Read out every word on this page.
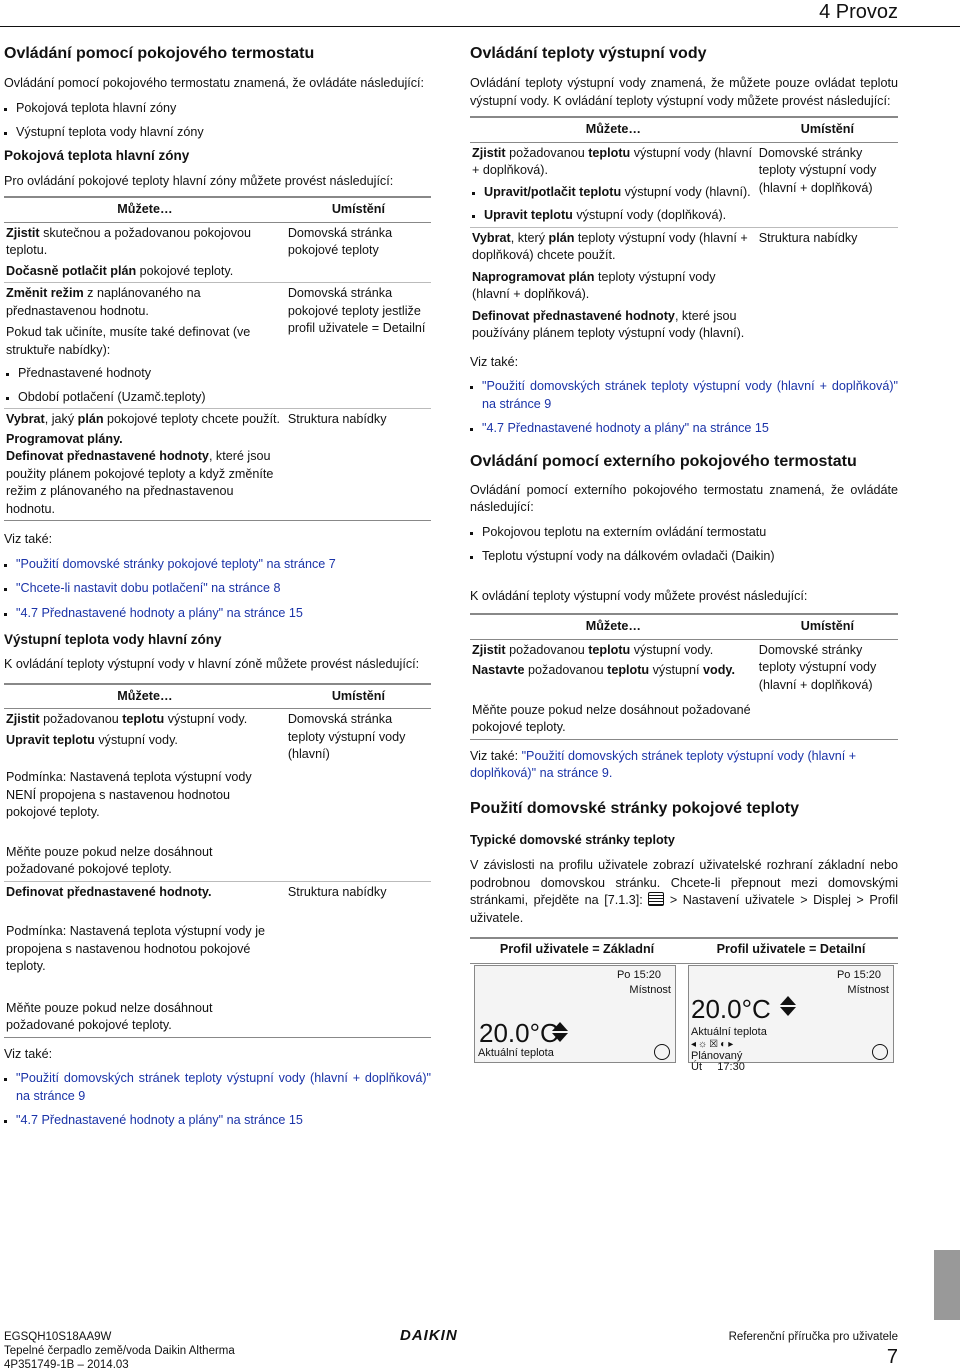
4 Provoz
Ovládání pomocí pokojového termostatu
Ovládání pomocí pokojového termostatu znamená, že ovládáte následující:
Pokojová teplota hlavní zóny
Výstupní teplota vody hlavní zóny
Pokojová teplota hlavní zóny
Pro ovládání pokojové teploty hlavní zóny můžete provést následující:
Můžete…	Umístění

Zjistit skutečnou a požadovanou pokojovou teplotu.
Dočasně potlačit plán pokojové teploty.	Domovská stránka pokojové teploty

Změnit režim z naplánovaného na přednastavenou hodnotu.
Pokud tak učiníte, musíte také definovat (ve struktuře nabídky):
Přednastavené hodnoty
Období potlačení (Uzamč.teploty)	Domovská stránka pokojové teploty jestliže profil uživatele = Detailní

Vybrat, jaký plán pokojové teploty chcete použít.
Programovat plány.
Definovat přednastavené hodnoty, které jsou použity plánem pokojové teploty a když změníte režim z plánovaného na přednastavenou hodnotu.	Struktura nabídky

Viz také:
"Použití domovské stránky pokojové teploty" na stránce 7
"Chcete-li nastavit dobu potlačení" na stránce 8
"4.7 Přednastavené hodnoty a plány" na stránce 15
Výstupní teplota vody hlavní zóny
K ovládání teploty výstupní vody v hlavní zóně můžete provést následující:
Můžete…	Umístění

Zjistit požadovanou teplotu výstupní vody.
Upravit teplotu výstupní vody.
Podmínka: Nastavená teplota výstupní vody NENÍ propojena s nastavenou hodnotou pokojové teploty.
Měňte pouze pokud nelze dosáhnout požadované pokojové teploty.	Domovská stránka teploty výstupní vody (hlavní)

Definovat přednastavené hodnoty.
Podmínka: Nastavená teplota výstupní vody je propojena s nastavenou hodnotou pokojové teploty.
Měňte pouze pokud nelze dosáhnout požadované pokojové teploty.	Struktura nabídky

Viz také:
"Použití domovských stránek teploty výstupní vody (hlavní + doplňková)" na stránce 9
"4.7 Přednastavené hodnoty a plány" na stránce 15
Ovládání teploty výstupní vody
Ovládání teploty výstupní vody znamená, že můžete pouze ovládat teplotu výstupní vody. K ovládání teploty výstupní vody můžete provést následující:
Můžete…	Umístění

Zjistit požadovanou teplotu výstupní vody (hlavní + doplňková).
Upravit/potlačit teplotu výstupní vody (hlavní).
Upravit teplotu výstupní vody (doplňková).	Domovské stránky teploty výstupní vody (hlavní + doplňková)

Vybrat, který plán teploty výstupní vody (hlavní + doplňková) chcete použít.
Naprogramovat plán teploty výstupní vody (hlavní + doplňková).
Definovat přednastavené hodnoty, které jsou používány plánem teploty výstupní vody (hlavní).	Struktura nabídky
Viz také:
"Použití domovských stránek teploty výstupní vody (hlavní + doplňková)" na stránce 9
"4.7 Přednastavené hodnoty a plány" na stránce 15
Ovládání pomocí externího pokojového termostatu
Ovládání pomocí externího pokojového termostatu znamená, že ovládáte následující:
Pokojovou teplotu na externím ovládání termostatu
Teplotu výstupní vody na dálkovém ovladači (Daikin)
K ovládání teploty výstupní vody můžete provést následující:
Můžete…	Umístění

Zjistit požadovanou teplotu výstupní vody.
Nastavte požadovanou teplotu výstupní vody.
Měňte pouze pokud nelze dosáhnout požadované pokojové teploty.	Domovské stránky teploty výstupní vody (hlavní + doplňková)

Viz také: "Použití domovských stránek teploty výstupní vody (hlavní + doplňková)" na stránce 9.
Použití domovské stránky pokojové teploty
Typické domovské stránky teploty
V závislosti na profilu uživatele zobrazí uživatelské rozhraní základní nebo podrobnou domovskou stránku. Chcete-li přepnout mezi domovskými stránkami, přejděte na [7.1.3]:  > Nastavení uživatele > Displej > Profil uživatele.
Profil uživatele = Základní	Profil uživatele = Detailní
Po 15:20
Místnost
20.0°C
Aktuální teplota
20.0°C
Po 15:20
Místnost
Aktuální teplota
◂☼☒◐▸
Plánovaný
Út     17:30
EGSQH10S18AA9W
Tepelné čerpadlo země/voda Daikin Altherma
4P351749-1B – 2014.03
DAIKIN	Referenční příručka pro uživatele
7
